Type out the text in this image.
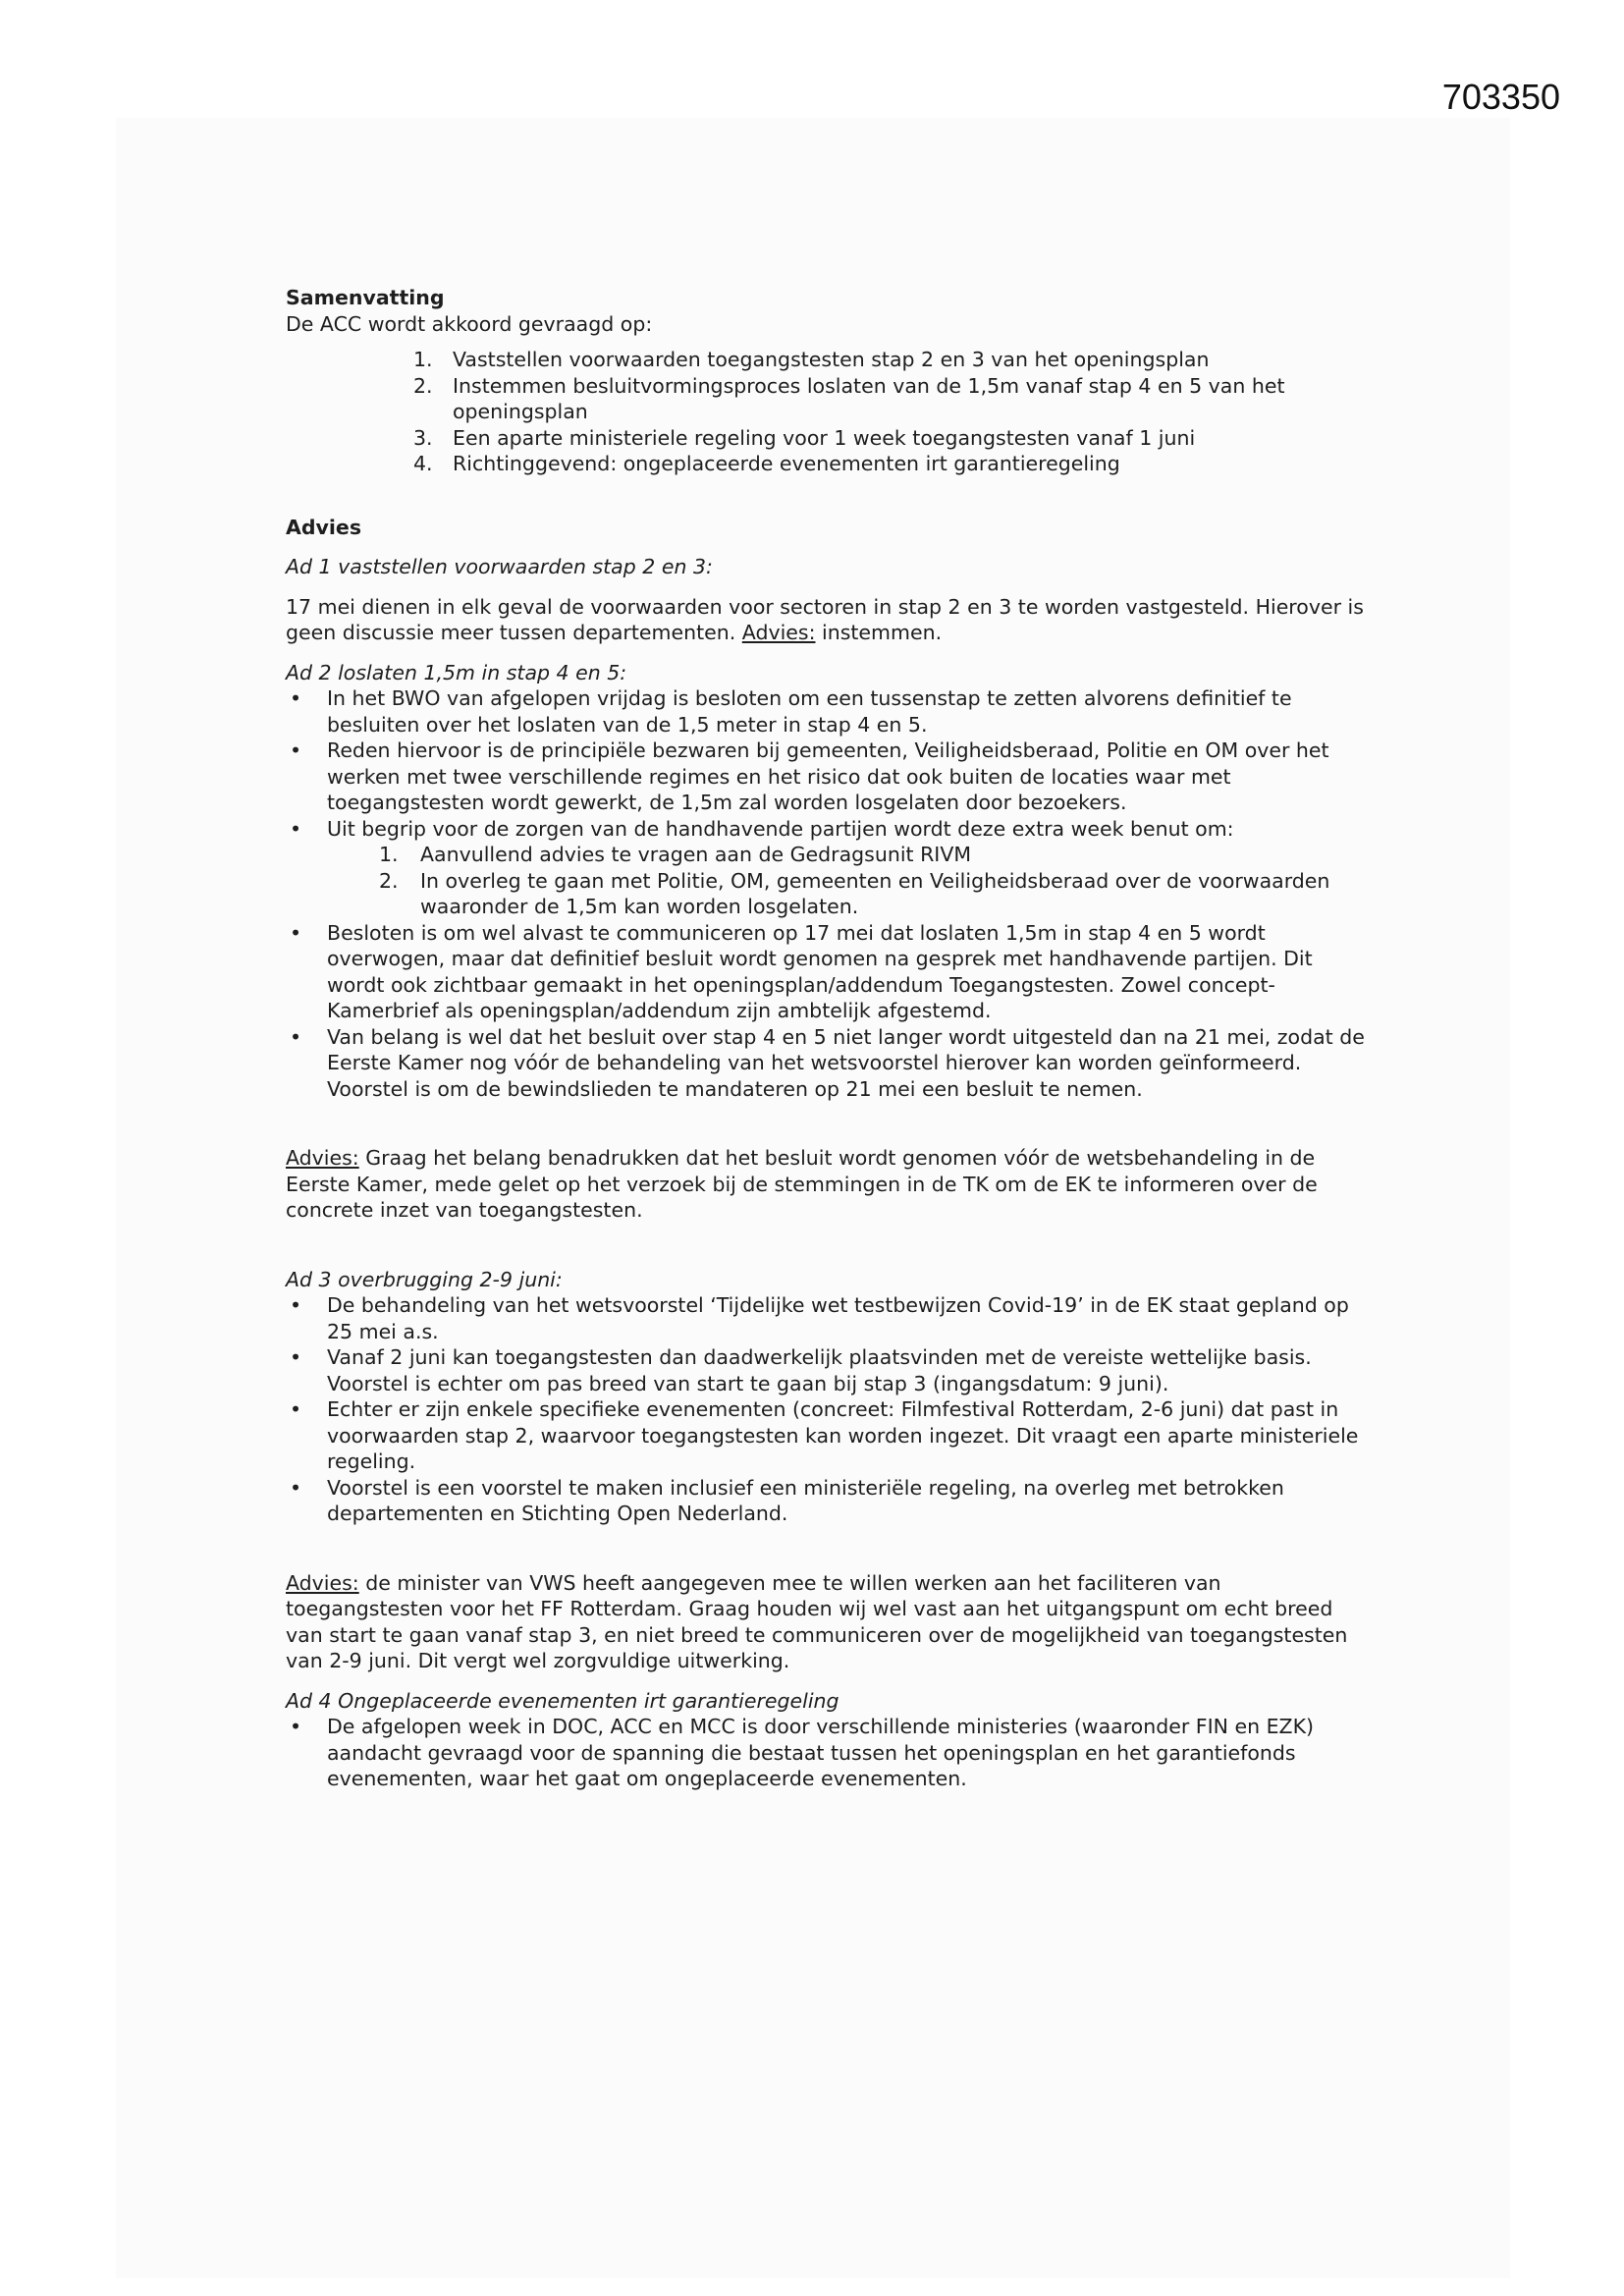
703350

Samenvatting

De ACC wordt akkoord gevraagd op:

1. Vaststellen voorwaarden toegangstesten stap 2 en 3 van het openingsplan
2. Instemmen besluitvormingsproces loslaten van de 1,5m vanaf stap 4 en 5 van het openingsplan
3. Een aparte ministeriele regeling voor 1 week toegangstesten vanaf 1 juni
4. Richtinggevend: ongeplaceerde evenementen irt garantieregeling

Advies

Ad 1 vaststellen voorwaarden stap 2 en 3:

17 mei dienen in elk geval de voorwaarden voor sectoren in stap 2 en 3 te worden vastgesteld. Hierover is geen discussie meer tussen departementen. Advies: instemmen.

Ad 2 loslaten 1,5m in stap 4 en 5:

• In het BWO van afgelopen vrijdag is besloten om een tussenstap te zetten alvorens definitief te besluiten over het loslaten van de 1,5 meter in stap 4 en 5.
• Reden hiervoor is de principiële bezwaren bij gemeenten, Veiligheidsberaad, Politie en OM over het werken met twee verschillende regimes en het risico dat ook buiten de locaties waar met toegangstesten wordt gewerkt, de 1,5m zal worden losgelaten door bezoekers.
• Uit begrip voor de zorgen van de handhavende partijen wordt deze extra week benut om:
1. Aanvullend advies te vragen aan de Gedragsunit RIVM
2. In overleg te gaan met Politie, OM, gemeenten en Veiligheidsberaad over de voorwaarden waaronder de 1,5m kan worden losgelaten.
• Besloten is om wel alvast te communiceren op 17 mei dat loslaten 1,5m in stap 4 en 5 wordt overwogen, maar dat definitief besluit wordt genomen na gesprek met handhavende partijen. Dit wordt ook zichtbaar gemaakt in het openingsplan/addendum Toegangstesten. Zowel concept-Kamerbrief als openingsplan/addendum zijn ambtelijk afgestemd.
• Van belang is wel dat het besluit over stap 4 en 5 niet langer wordt uitgesteld dan na 21 mei, zodat de Eerste Kamer nog vóór de behandeling van het wetsvoorstel hierover kan worden geïnformeerd. Voorstel is om de bewindslieden te mandateren op 21 mei een besluit te nemen.

Advies: Graag het belang benadrukken dat het besluit wordt genomen vóór de wetsbehandeling in de Eerste Kamer, mede gelet op het verzoek bij de stemmingen in de TK om de EK te informeren over de concrete inzet van toegangstesten.

Ad 3 overbrugging 2-9 juni:

• De behandeling van het wetsvoorstel ‘Tijdelijke wet testbewijzen Covid-19’ in de EK staat gepland op 25 mei a.s.
• Vanaf 2 juni kan toegangstesten dan daadwerkelijk plaatsvinden met de vereiste wettelijke basis. Voorstel is echter om pas breed van start te gaan bij stap 3 (ingangsdatum: 9 juni).
• Echter er zijn enkele specifieke evenementen (concreet: Filmfestival Rotterdam, 2-6 juni) dat past in voorwaarden stap 2, waarvoor toegangstesten kan worden ingezet. Dit vraagt een aparte ministeriele regeling.
• Voorstel is een voorstel te maken inclusief een ministeriële regeling, na overleg met betrokken departementen en Stichting Open Nederland.

Advies: de minister van VWS heeft aangegeven mee te willen werken aan het faciliteren van toegangstesten voor het FF Rotterdam. Graag houden wij wel vast aan het uitgangspunt om echt breed van start te gaan vanaf stap 3, en niet breed te communiceren over de mogelijkheid van toegangstesten van 2-9 juni. Dit vergt wel zorgvuldige uitwerking.

Ad 4 Ongeplaceerde evenementen irt garantieregeling

• De afgelopen week in DOC, ACC en MCC is door verschillende ministeries (waaronder FIN en EZK) aandacht gevraagd voor de spanning die bestaat tussen het openingsplan en het garantiefonds evenementen, waar het gaat om ongeplaceerde evenementen.
